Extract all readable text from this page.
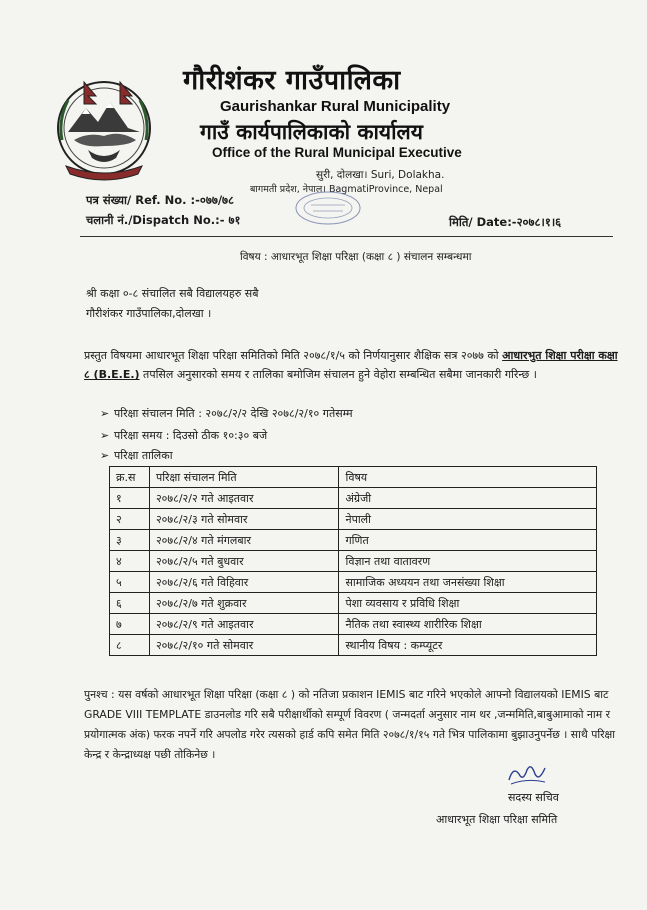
गौरीशंकर गाउँपालिका
Gaurishankar Rural Municipality
गाउँ कार्यपालिकाको कार्यालय
Office of the Rural Municipal Executive
सुरी, दोलखा। Suri, Dolakha.
बागमती प्रदेश, नेपाल। BagmatiProvince, Nepal
पत्र संख्या/ Ref. No. :-०७७/७८
चलानी नं./Dispatch No.:- ७१	मिति/ Date:-२०७८।१।६
विषय : आधारभूत शिक्षा परिक्षा (कक्षा ८ ) संचालन सम्बन्धमा
श्री कक्षा ०-८ संचालित सबै विद्यालयहरु सबै
गौरीशंकर गाउँपालिका,दोलखा ।
प्रस्तुत विषयमा आधारभूत शिक्षा परिक्षा समितिको मिति २०७८/१/५ को निर्णयानुसार शैक्षिक सत्र २०७७ को आधारभुत शिक्षा परीक्षा कक्षा ८ (B.E.E.) तपसिल अनुसारको समय र तालिका बमोजिम संचालन हुने वेहोरा सम्बन्धित सबैमा जानकारी गरिन्छ ।
➢ परिक्षा संचालन मिति : २०७८/२/२ देखि २०७८/२/१० गतेसम्म
➢ परिक्षा समय : दिउसो ठीक १०:३० बजे
➢ परिक्षा तालिका
क्र.स	परिक्षा संचालन मिति	विषय
१	२०७८/२/२ गते आइतवार	अंग्रेजी
२	२०७८/२/३ गते सोमवार	नेपाली
३	२०७८/२/४ गते मंगलबार	गणित
४	२०७८/२/५ गते बुधवार	विज्ञान तथा वातावरण
५	२०७८/२/६ गते विहिवार	सामाजिक अध्ययन तथा जनसंख्या शिक्षा
६	२०७८/२/७ गते शुक्रवार	पेशा व्यवसाय र प्रविधि शिक्षा
७	२०७८/२/९ गते आइतवार	नैतिक तथा स्वास्थ्य शारीरिक शिक्षा
८	२०७८/२/१० गते सोमवार	स्थानीय विषय : कम्प्यूटर
पुनश्च : यस वर्षको आधारभूत शिक्षा परिक्षा (कक्षा ८ ) को नतिजा प्रकाशन IEMIS बाट गरिने भएकोले आफ्नो विद्यालयको IEMIS बाट GRADE VIII TEMPLATE डाउनलोड गरि सबै परीक्षार्थीको सम्पूर्ण विवरण ( जन्मदर्ता अनुसार नाम थर ,जन्ममिति,बाबुआमाको नाम र प्रयोगात्मक अंक) फरक नपर्ने गरि अपलोड गरेर त्यसको हार्ड कपि समेत मिति २०७८/१/१५ गते भित्र पालिकामा बुझाउनुपर्नेछ । साथै परिक्षा केन्द्र र केन्द्राध्यक्ष पछी तोकिनेछ ।
सदस्य सचिव
आधारभूत शिक्षा परिक्षा समिति
